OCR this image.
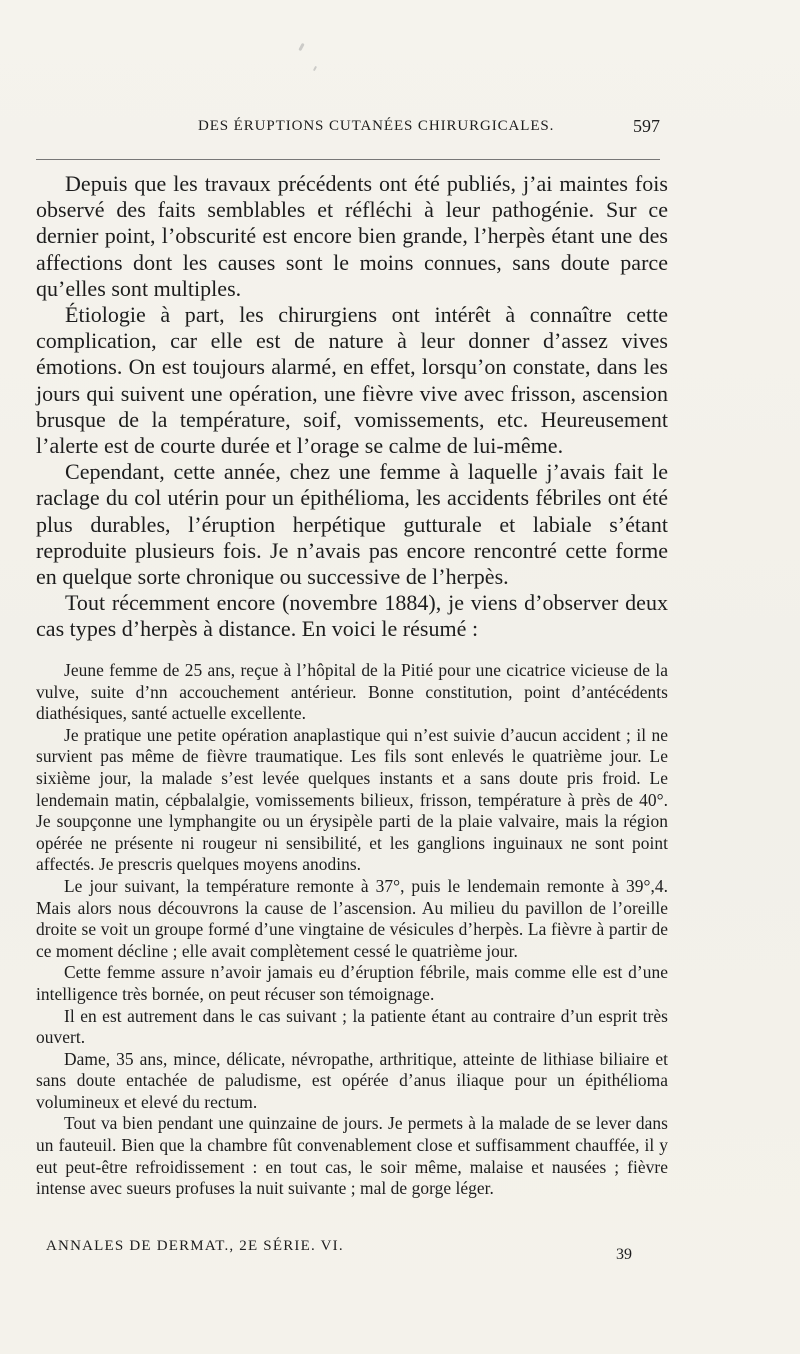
DES ÉRUPTIONS CUTANÉES CHIRURGICALES.	597

Depuis que les travaux précédents ont été publiés, j’ai maintes fois observé des faits semblables et réfléchi à leur pathogénie. Sur ce dernier point, l’obscurité est encore bien grande, l’herpès étant une des affections dont les causes sont le moins connues, sans doute parce qu’elles sont multiples.

Étiologie à part, les chirurgiens ont intérêt à connaître cette complication, car elle est de nature à leur donner d’assez vives émotions. On est toujours alarmé, en effet, lorsqu’on constate, dans les jours qui suivent une opération, une fièvre vive avec frisson, ascension brusque de la température, soif, vomissements, etc. Heureusement l’alerte est de courte durée et l’orage se calme de lui-même.

Cependant, cette année, chez une femme à laquelle j’avais fait le raclage du col utérin pour un épithélioma, les accidents fébriles ont été plus durables, l’éruption herpétique gutturale et labiale s’étant reproduite plusieurs fois. Je n’avais pas encore rencontré cette forme en quelque sorte chronique ou successive de l’herpès.

Tout récemment encore (novembre 1884), je viens d’observer deux cas types d’herpès à distance. En voici le résumé :

Jeune femme de 25 ans, reçue à l’hôpital de la Pitié pour une cicatrice vicieuse de la vulve, suite d’nn accouchement antérieur. Bonne constitution, point d’antécédents diathésiques, santé actuelle excellente.

Je pratique une petite opération anaplastique qui n’est suivie d’aucun accident ; il ne survient pas même de fièvre traumatique. Les fils sont enlevés le quatrième jour. Le sixième jour, la malade s’est levée quelques instants et a sans doute pris froid. Le lendemain matin, cépbalalgie, vomissements bilieux, frisson, température à près de 40°. Je soupçonne une lymphangite ou un érysipèle parti de la plaie valvaire, mais la région opérée ne présente ni rougeur ni sensibilité, et les ganglions inguinaux ne sont point affectés. Je prescris quelques moyens anodins.

Le jour suivant, la température remonte à 37°, puis le lendemain remonte à 39°,4. Mais alors nous découvrons la cause de l’ascension. Au milieu du pavillon de l’oreille droite se voit un groupe formé d’une vingtaine de vésicules d’herpès. La fièvre à partir de ce moment décline ; elle avait complètement cessé le quatrième jour.

Cette femme assure n’avoir jamais eu d’éruption fébrile, mais comme elle est d’une intelligence très bornée, on peut récuser son témoignage.

Il en est autrement dans le cas suivant ; la patiente étant au contraire d’un esprit très ouvert.

Dame, 35 ans, mince, délicate, névropathe, arthritique, atteinte de lithiase biliaire et sans doute entachée de paludisme, est opérée d’anus iliaque pour un épithélioma volumineux et elevé du rectum.

Tout va bien pendant une quinzaine de jours. Je permets à la malade de se lever dans un fauteuil. Bien que la chambre fût convenablement close et suffisamment chauffée, il y eut peut-être refroidissement : en tout cas, le soir même, malaise et nausées ; fièvre intense avec sueurs profuses la nuit suivante ; mal de gorge léger.

ANNALES DE DERMAT., 2E SÉRIE. VI.	39
